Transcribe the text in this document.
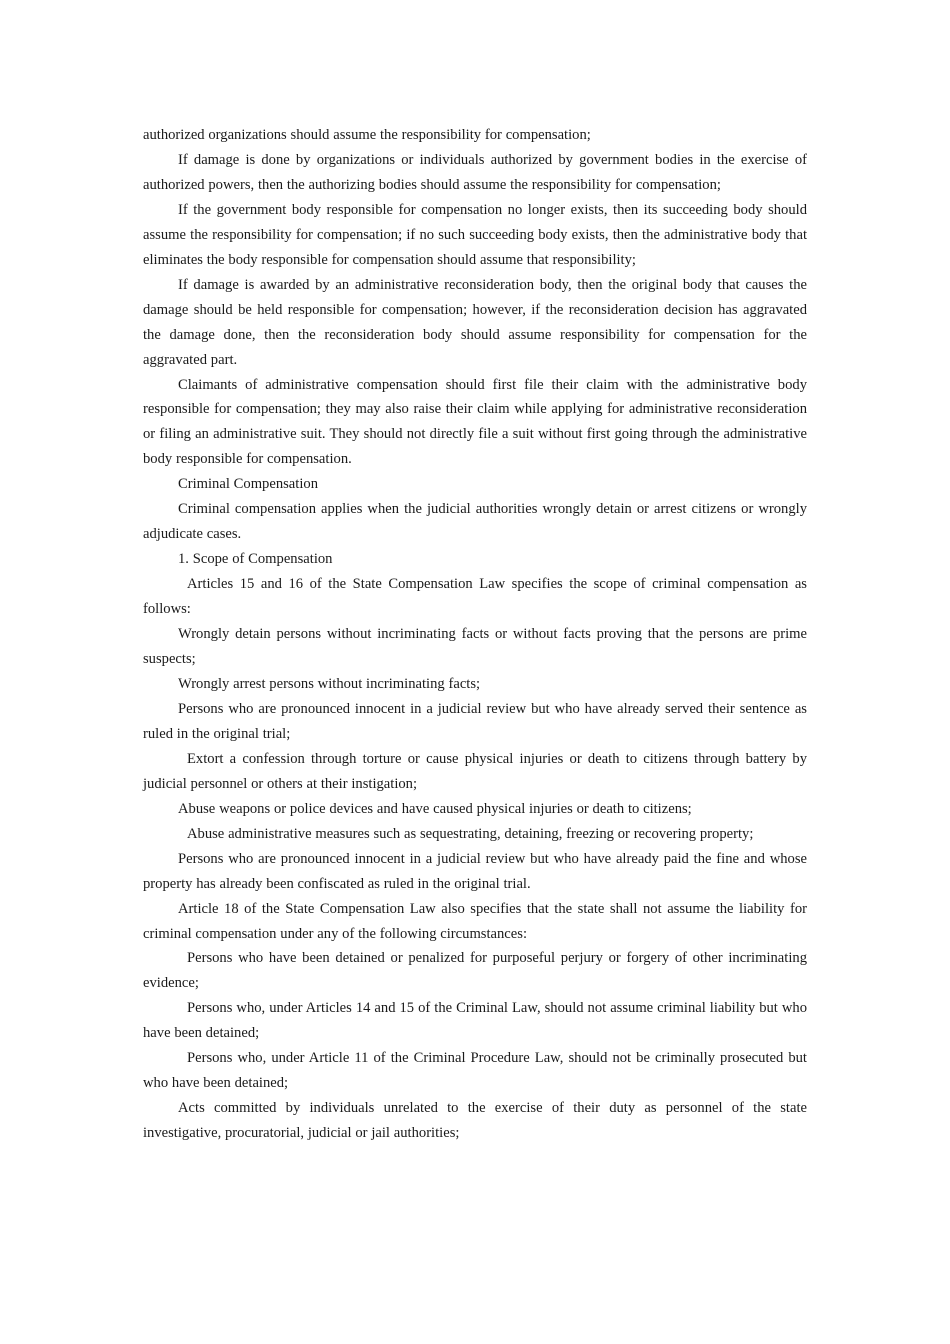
authorized organizations should assume the responsibility for compensation;

If damage is done by organizations or individuals authorized by government bodies in the exercise of authorized powers, then the authorizing bodies should assume the responsibility for compensation;

If the government body responsible for compensation no longer exists, then its succeeding body should assume the responsibility for compensation; if no such succeeding body exists, then the administrative body that eliminates the body responsible for compensation should assume that responsibility;

If damage is awarded by an administrative reconsideration body, then the original body that causes the damage should be held responsible for compensation; however, if the reconsideration decision has aggravated the damage done, then the reconsideration body should assume responsibility for compensation for the aggravated part.

Claimants of administrative compensation should first file their claim with the administrative body responsible for compensation; they may also raise their claim while applying for administrative reconsideration or filing an administrative suit. They should not directly file a suit without first going through the administrative body responsible for compensation.

Criminal Compensation

Criminal compensation applies when the judicial authorities wrongly detain or arrest citizens or wrongly adjudicate cases.

1. Scope of Compensation

Articles 15 and 16 of the State Compensation Law specifies the scope of criminal compensation as follows:

Wrongly detain persons without incriminating facts or without facts proving that the persons are prime suspects;

Wrongly arrest persons without incriminating facts;

Persons who are pronounced innocent in a judicial review but who have already served their sentence as ruled in the original trial;

Extort a confession through torture or cause physical injuries or death to citizens through battery by judicial personnel or others at their instigation;

Abuse weapons or police devices and have caused physical injuries or death to citizens;

Abuse administrative measures such as sequestrating, detaining, freezing or recovering property;

Persons who are pronounced innocent in a judicial review but who have already paid the fine and whose property has already been confiscated as ruled in the original trial.

Article 18 of the State Compensation Law also specifies that the state shall not assume the liability for criminal compensation under any of the following circumstances:

Persons who have been detained or penalized for purposeful perjury or forgery of other incriminating evidence;

Persons who, under Articles 14 and 15 of the Criminal Law, should not assume criminal liability but who have been detained;

Persons who, under Article 11 of the Criminal Procedure Law, should not be criminally prosecuted but who have been detained;

Acts committed by individuals unrelated to the exercise of their duty as personnel of the state investigative, procuratorial, judicial or jail authorities;
